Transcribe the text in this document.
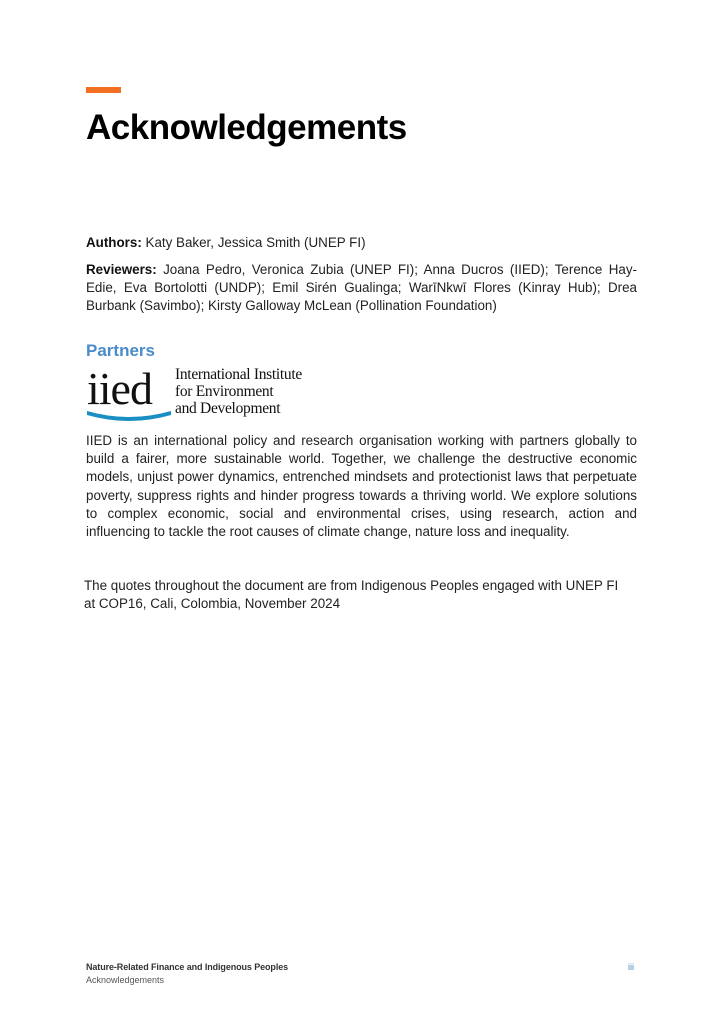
Acknowledgements

Authors: Katy Baker, Jessica Smith (UNEP FI)

Reviewers: Joana Pedro, Veronica Zubia (UNEP FI); Anna Ducros (IIED); Terence Hay-Edie, Eva Bortolotti (UNDP); Emil Sirén Gualinga; WarīNkwī Flores (Kinray Hub); Drea Burbank (Savimbo); Kirsty Galloway McLean (Pollination Foundation)

Partners
iied International Institute
for Environment
and Development

IIED is an international policy and research organisation working with partners globally to build a fairer, more sustainable world. Together, we challenge the destructive economic models, unjust power dynamics, entrenched mindsets and protectionist laws that perpetuate poverty, suppress rights and hinder progress towards a thriving world. We explore solutions to complex economic, social and environmental crises, using research, action and influencing to tackle the root causes of climate change, nature loss and inequality.

The quotes throughout the document are from Indigenous Peoples engaged with UNEP FI at COP16, Cali, Colombia, November 2024

Nature-Related Finance and Indigenous Peoples
Acknowledgements
iii
